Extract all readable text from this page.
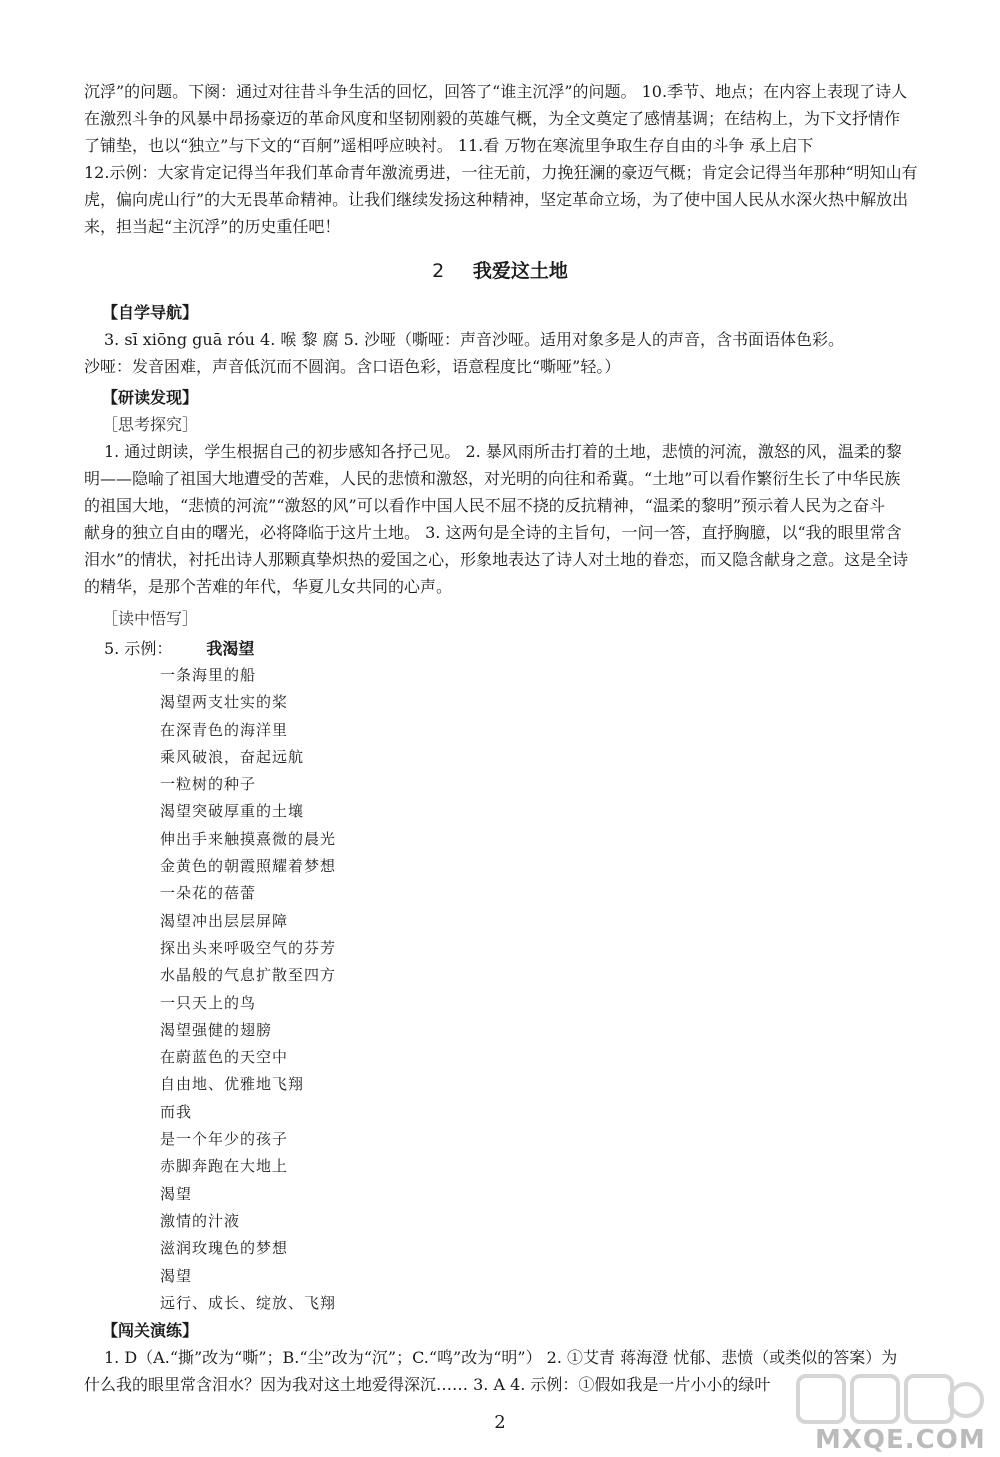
沉浮”的问题。下阕：通过对往昔斗争生活的回忆，回答了“谁主沉浮”的问题。 10.季节、地点；在内容上表现了诗人
在激烈斗争的风暴中昂扬豪迈的革命风度和坚韧刚毅的英雄气概，为全文奠定了感情基调；在结构上，为下文抒情作
了铺垫，也以“独立”与下文的“百舸”遥相呼应映衬。 11.看 万物在寒流里争取生存自由的斗争 承上启下
12.示例：大家肯定记得当年我们革命青年激流勇进，一往无前，力挽狂澜的豪迈气概；肯定会记得当年那种“明知山有
虎，偏向虎山行”的大无畏革命精神。让我们继续发扬这种精神，坚定革命立场，为了使中国人民从水深火热中解放出
来，担当起“主沉浮”的历史重任吧！
2 我爱这土地
【自学导航】
3. sī xiōng guā róu 4. 喉 黎 腐 5. 沙哑（嘶哑：声音沙哑。适用对象多是人的声音，含书面语体色彩。
沙哑：发音困难，声音低沉而不圆润。含口语色彩，语意程度比“嘶哑”轻。）
【研读发现】
［思考探究］
1. 通过朗读，学生根据自己的初步感知各抒己见。 2. 暴风雨所击打着的土地，悲愤的河流，激怒的风，温柔的黎
明——隐喻了祖国大地遭受的苦难，人民的悲愤和激怒，对光明的向往和希冀。“土地”可以看作繁衍生长了中华民族
的祖国大地，“悲愤的河流”“激怒的风”可以看作中国人民不屈不挠的反抗精神，“温柔的黎明”预示着人民为之奋斗
献身的独立自由的曙光，必将降临于这片土地。 3. 这两句是全诗的主旨句，一问一答，直抒胸臆，以“我的眼里常含
泪水”的情状，衬托出诗人那颗真挚炽热的爱国之心，形象地表达了诗人对土地的眷恋，而又隐含献身之意。这是全诗
的精华，是那个苦难的年代，华夏儿女共同的心声。
［读中悟写］
5. 示例： 我渴望
一条海里的船
渴望两支壮实的桨
在深青色的海洋里
乘风破浪，奋起远航
一粒树的种子
渴望突破厚重的土壤
伸出手来触摸熹微的晨光
金黄色的朝霞照耀着梦想
一朵花的蓓蕾
渴望冲出层层屏障
探出头来呼吸空气的芬芳
水晶般的气息扩散至四方
一只天上的鸟
渴望强健的翅膀
在蔚蓝色的天空中
自由地、优雅地飞翔
而我
是一个年少的孩子
赤脚奔跑在大地上
渴望
激情的汁液
滋润玫瑰色的梦想
渴望
远行、成长、绽放、飞翔
【闯关演练】
1. D（A.“撕”改为“嘶”；B.“尘”改为“沉”；C.“鸣”改为“明”） 2. ①艾青 蒋海澄 忧郁、悲愤（或类似的答案）为
什么我的眼里常含泪水？因为我对这土地爱得深沉…… 3. A 4. 示例：①假如我是一片小小的绿叶
2
MXQE.COM
